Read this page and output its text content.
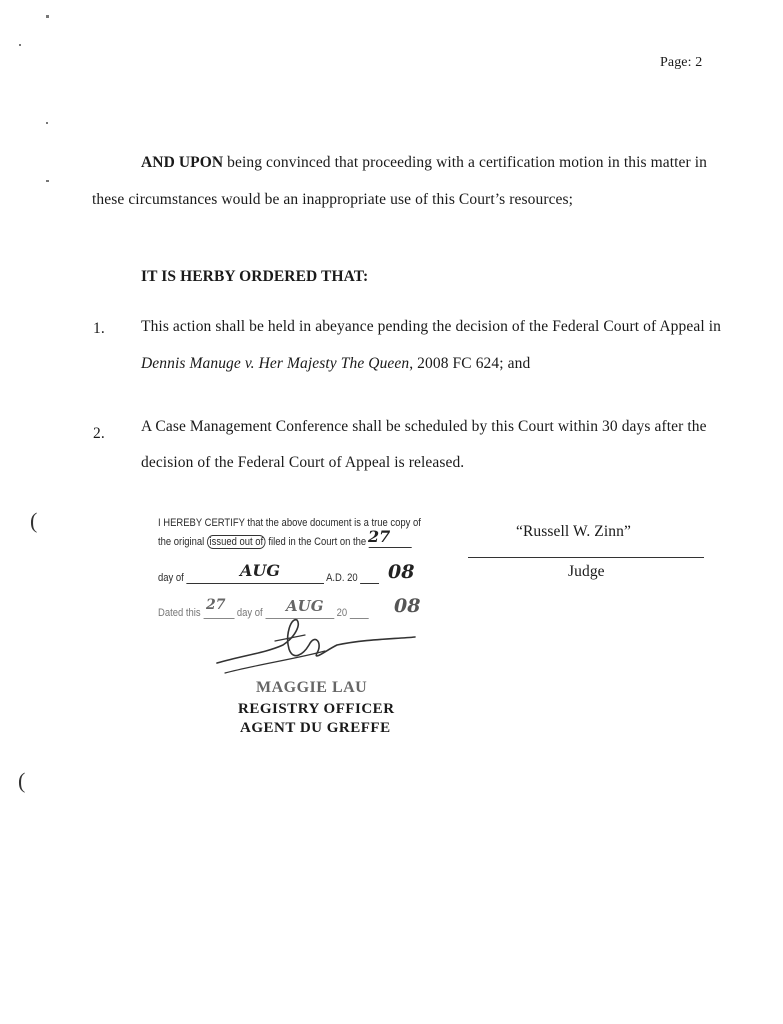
Page: 2
AND UPON being convinced that proceeding with a certification motion in this matter in
these circumstances would be an inappropriate use of this Court’s resources;
IT IS HERBY ORDERED THAT:
1. This action shall be held in abeyance pending the decision of the Federal Court of Appeal in
Dennis Manuge v. Her Majesty The Queen, 2008 FC 624; and
2. A Case Management Conference shall be scheduled by this Court within 30 days after the
decision of the Federal Court of Appeal is released.
(
(
I HEREBY CERTIFY that the above document is a true copy of
the original issued out of filed in the Court on the 27
day of	A.D. 20
AUG	08
Dated this	day of	20
27	AUG	08
MAGGIE LAU
REGISTRY OFFICER
AGENT DU GREFFE
“Russell W. Zinn”
Judge
